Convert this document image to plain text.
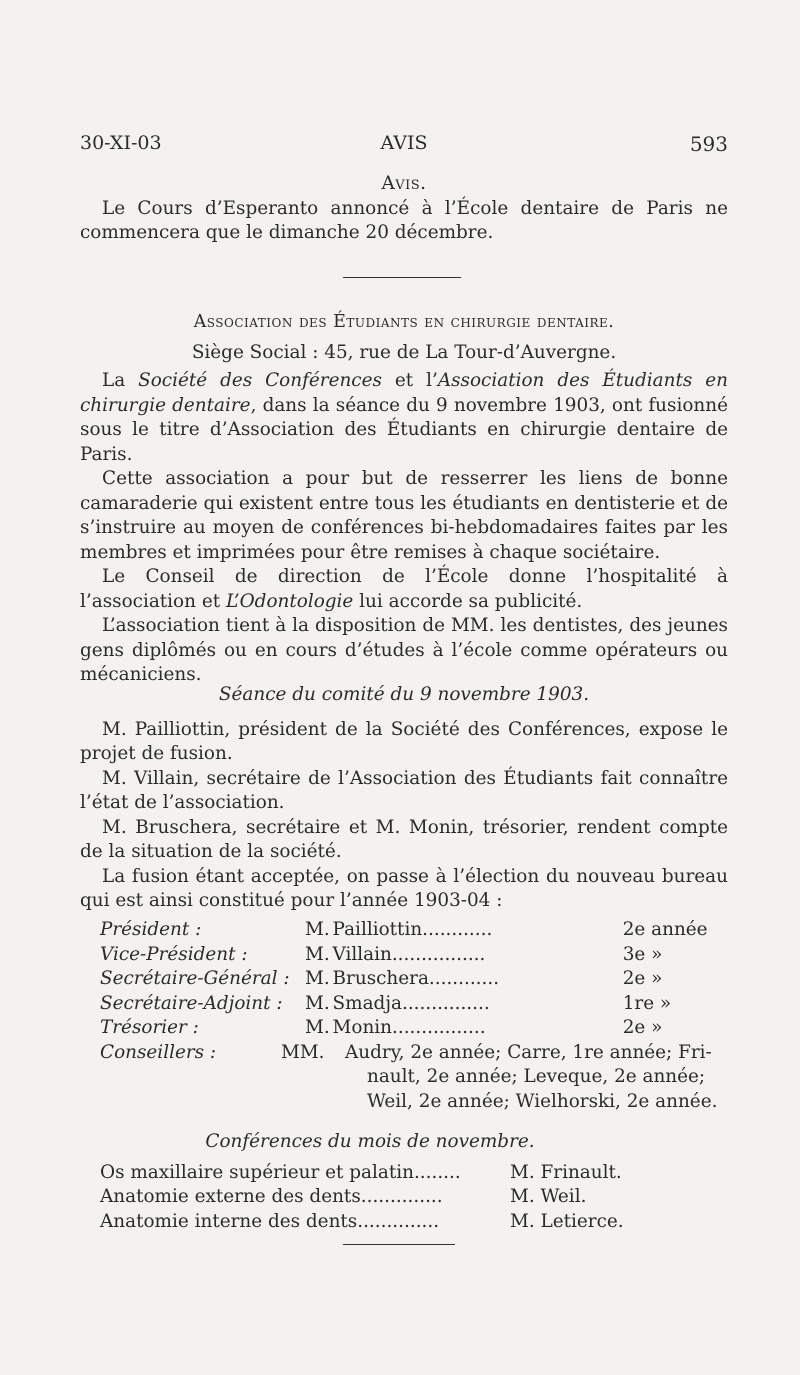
30-XI-03	AVIS	593
Avis.

Le Cours d’Esperanto annoncé à l’École dentaire de Paris ne commencera que le dimanche 20 décembre.

Association des Étudiants en chirurgie dentaire.
Siège Social : 45, rue de La Tour-d’Auvergne.

La Société des Conférences et l’Association des Étudiants en chirurgie dentaire, dans la séance du 9 novembre 1903, ont fusionné sous le titre d’Association des Étudiants en chirurgie dentaire de Paris.

Cette association a pour but de resserrer les liens de bonne camaraderie qui existent entre tous les étudiants en dentisterie et de s’instruire au moyen de conférences bi-hebdomadaires faites par les membres et imprimées pour être remises à chaque sociétaire.

Le Conseil de direction de l’École donne l’hospitalité à l’association et L’Odontologie lui accorde sa publicité.

L’association tient à la disposition de MM. les dentistes, des jeunes gens diplômés ou en cours d’études à l’école comme opérateurs ou mécaniciens.

Séance du comité du 9 novembre 1903.

M. Pailliottin, président de la Société des Conférences, expose le projet de fusion.

M. Villain, secrétaire de l’Association des Étudiants fait connaître l’état de l’association.

M. Bruschera, secrétaire et M. Monin, trésorier, rendent compte de la situation de la société.

La fusion étant acceptée, on passe à l’élection du nouveau bureau qui est ainsi constitué pour l’année 1903-04 :

Président :	M.	Pailliottin............	2e année
Vice-Président :	M.	Villain................	3e »
Secrétaire-Général :	M.	Bruschera............	2e »
Secrétaire-Adjoint :	M.	Smadja...............	1re »
Trésorier :	M.	Monin................	2e »
Conseillers :	MM. Audry, 2e année; Carre, 1re année; Fri-		
	nault, 2e année; Leveque, 2e année;		
	Weil, 2e année; Wielhorski, 2e année.		
Conférences du mois de novembre.
Os maxillaire supérieur et palatin........	M. Frinault.
Anatomie externe des dents..............	M. Weil.
Anatomie interne des dents..............	M. Letierce.
